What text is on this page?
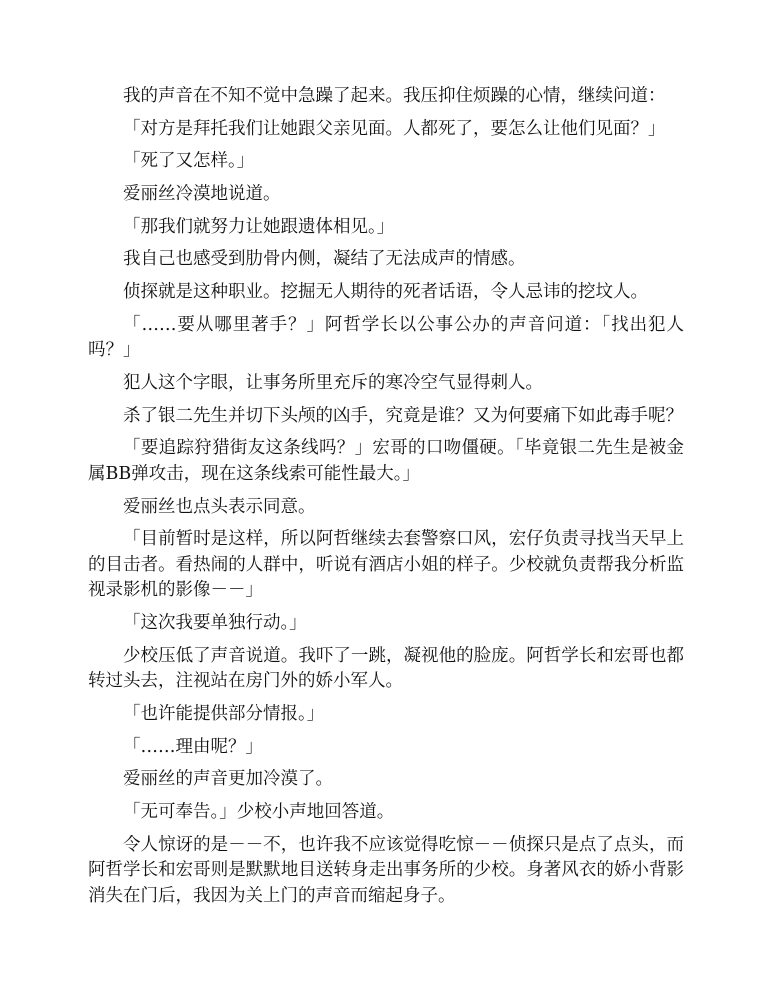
我的声音在不知不觉中急躁了起来。我压抑住烦躁的心情，继续问道：

「对方是拜托我们让她跟父亲见面。人都死了，要怎么让他们见面？」

「死了又怎样。」

爱丽丝冷漠地说道。

「那我们就努力让她跟遗体相见。」

我自己也感受到肋骨内侧，凝结了无法成声的情感。

侦探就是这种职业。挖掘无人期待的死者话语，令人忌讳的挖坟人。

「……要从哪里著手？」阿哲学长以公事公办的声音问道：「找出犯人吗？」

犯人这个字眼，让事务所里充斥的寒冷空气显得刺人。

杀了银二先生并切下头颅的凶手，究竟是谁？又为何要痛下如此毒手呢？

「要追踪狩猎街友这条线吗？」宏哥的口吻僵硬。「毕竟银二先生是被金属BB弹攻击，现在这条线索可能性最大。」

爱丽丝也点头表示同意。

「目前暂时是这样，所以阿哲继续去套警察口风，宏仔负责寻找当天早上的目击者。看热闹的人群中，听说有酒店小姐的样子。少校就负责帮我分析监视录影机的影像－－」

「这次我要单独行动。」

少校压低了声音说道。我吓了一跳，凝视他的脸庞。阿哲学长和宏哥也都转过头去，注视站在房门外的娇小军人。

「也许能提供部分情报。」

「……理由呢？」

爱丽丝的声音更加冷漠了。

「无可奉告。」少校小声地回答道。

令人惊讶的是－－不，也许我不应该觉得吃惊－－侦探只是点了点头，而阿哲学长和宏哥则是默默地目送转身走出事务所的少校。身著风衣的娇小背影消失在门后，我因为关上门的声音而缩起身子。
